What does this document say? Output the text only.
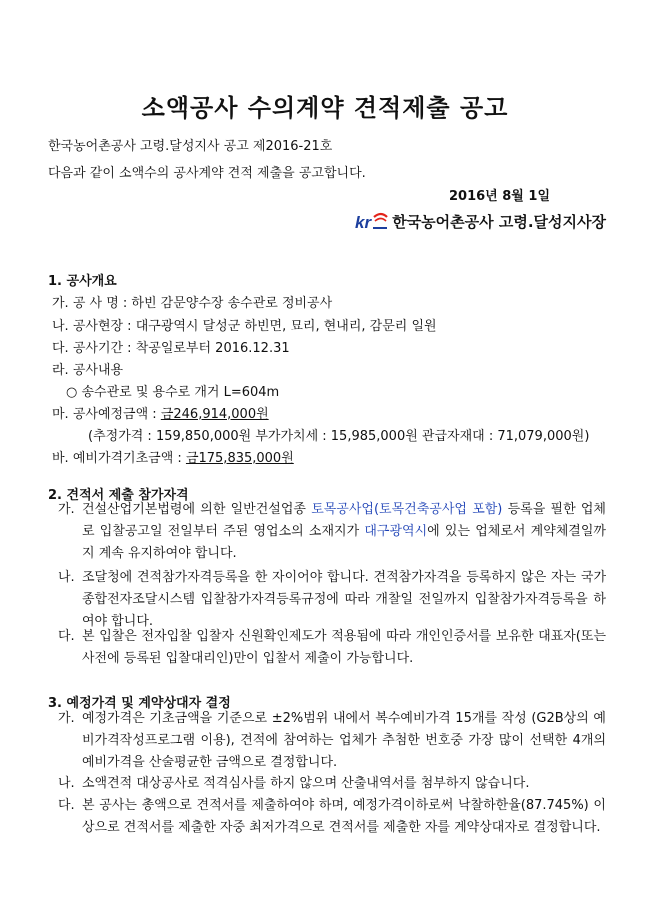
소액공사 수의계약 견적제출 공고
한국농어촌공사 고령.달성지사 공고 제2016-21호
다음과 같이 소액수의 공사계약 견적 제출을 공고합니다.
2016년 8월 1일
kr 한국농어촌공사 고령.달성지사장
1. 공사개요
가. 공 사 명 : 하빈 감문양수장 송수관로 정비공사
나. 공사현장 : 대구광역시 달성군 하빈면, 묘리, 현내리, 감문리 일원
다. 공사기간 : 착공일로부터 2016.12.31
라. 공사내용
○ 송수관로 및 용수로 개거 L=604m
마. 공사예정금액 : 금246,914,000원
(추정가격 : 159,850,000원 부가가치세 : 15,985,000원 관급자재대 : 71,079,000원)
바. 예비가격기초금액 : 금175,835,000원
2. 견적서 제출 참가자격
가. 건설산업기본법령에 의한 일반건설업종 토목공사업(토목건축공사업 포함) 등록을 필한 업체로 입찰공고일 전일부터 주된 영업소의 소재지가 대구광역시에 있는 업체로서 계약체결일까지 계속 유지하여야 합니다.
나. 조달청에 견적참가자격등록을 한 자이어야 합니다. 견적참가자격을 등록하지 않은 자는 국가종합전자조달시스템 입찰참가자격등록규정에 따라 개찰일 전일까지 입찰참가자격등록을 하여야 합니다.
다. 본 입찰은 전자입찰 입찰자 신원확인제도가 적용됨에 따라 개인인증서를 보유한 대표자(또는 사전에 등록된 입찰대리인)만이 입찰서 제출이 가능합니다.
3. 예정가격 및 계약상대자 결정
가. 예정가격은 기초금액을 기준으로 ±2%범위 내에서 복수예비가격 15개를 작성 (G2B상의 예비가격작성프로그램 이용), 견적에 참여하는 업체가 추첨한 번호중 가장 많이 선택한 4개의 예비가격을 산술평균한 금액으로 결정합니다.
나. 소액견적 대상공사로 적격심사를 하지 않으며 산출내역서를 첨부하지 않습니다.
다. 본 공사는 총액으로 견적서를 제출하여야 하며, 예정가격이하로써 낙찰하한율(87.745%) 이상으로 견적서를 제출한 자중 최저가격으로 견적서를 제출한 자를 계약상대자로 결정합니다.
